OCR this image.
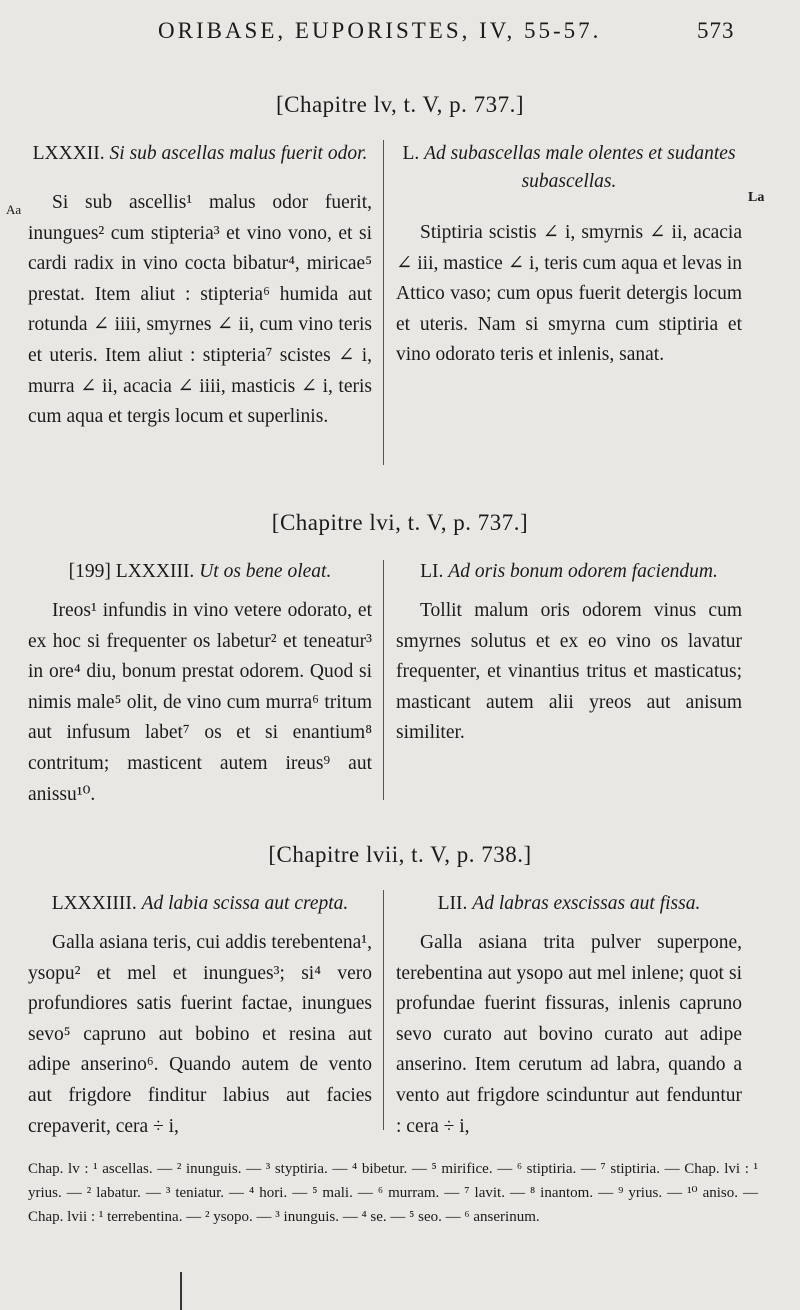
ORIBASE, EUPORISTES, IV, 55-57.	573
[Chapitre lv, t. V, p. 737.]
LXXXII. Si sub ascellas malus fuerit odor.

Si sub ascellis¹ malus odor fuerit, inungues² cum stipteria³ et vino vono, et si cardi radix in vino cocta bibatur⁴, miricae⁵ prestat. Item aliut : stipteria⁶ humida aut rotunda ∠ iiii, smyrnes ∠ ii, cum vino teris et uteris. Item aliut : stipteria⁷ scistes ∠ i, murra ∠ ii, acacia ∠ iiii, masticis ∠ i, teris cum aqua et tergis locum et superlinis.

Aa
L. Ad subascellas male olentes et sudantes subascellas.

Stiptiria scistis ∠ i, smyrnis ∠ ii, acacia ∠ iii, mastice ∠ i, teris cum aqua et levas in Attico vaso; cum opus fuerit detergis locum et uteris. Nam si smyrna cum stiptiria et vino odorato teris et inlenis, sanat.

La
[Chapitre lvi, t. V, p. 737.]
[199] LXXXIII. Ut os bene oleat.

Ireos¹ infundis in vino vetere odorato, et ex hoc si frequenter os labetur² et teneatur³ in ore⁴ diu, bonum prestat odorem. Quod si nimis male⁵ olit, de vino cum murra⁶ tritum aut infusum labet⁷ os et si enantium⁸ contritum; masticent autem ireus⁹ aut anissu¹⁰.

LI. Ad oris bonum odorem faciendum.

Tollit malum oris odorem vinus cum smyrnes solutus et ex eo vino os lavatur frequenter, et vinantius tritus et masticatus; masticant autem alii yreos aut anisum similiter.

[Chapitre lvii, t. V, p. 738.]
LXXXIIII. Ad labia scissa aut crepta.

Galla asiana teris, cui addis terebentena¹, ysopu² et mel et inungues³; si⁴ vero profundiores satis fuerint factae, inungues sevo⁵ capruno aut bobino et resina aut adipe anserino⁶. Quando autem de vento aut frigdore finditur labius aut facies crepaverit, cera ÷ i,

LII. Ad labras exscissas aut fissa.

Galla asiana trita pulver superpone, terebentina aut ysopo aut mel inlene; quot si profundae fuerint fissuras, inlenis capruno sevo curato aut bovino curato aut adipe anserino. Item cerutum ad labra, quando a vento aut frigdore scinduntur aut fenduntur : cera ÷ i,

Chap. lv : ¹ ascellas. — ² inunguis. — ³ styptiria. — ⁴ bibetur. — ⁵ mirifice. — ⁶ stiptiria. — ⁷ stiptiria. — Chap. lvi : ¹ yrius. — ² labatur. — ³ teniatur. — ⁴ hori. — ⁵ mali. — ⁶ murram. — ⁷ lavit. — ⁸ inantom. — ⁹ yrius. — ¹⁰ aniso. — Chap. lvii : ¹ terrebentina. — ² ysopo. — ³ inunguis. — ⁴ se. — ⁵ seo. — ⁶ anserinum.
